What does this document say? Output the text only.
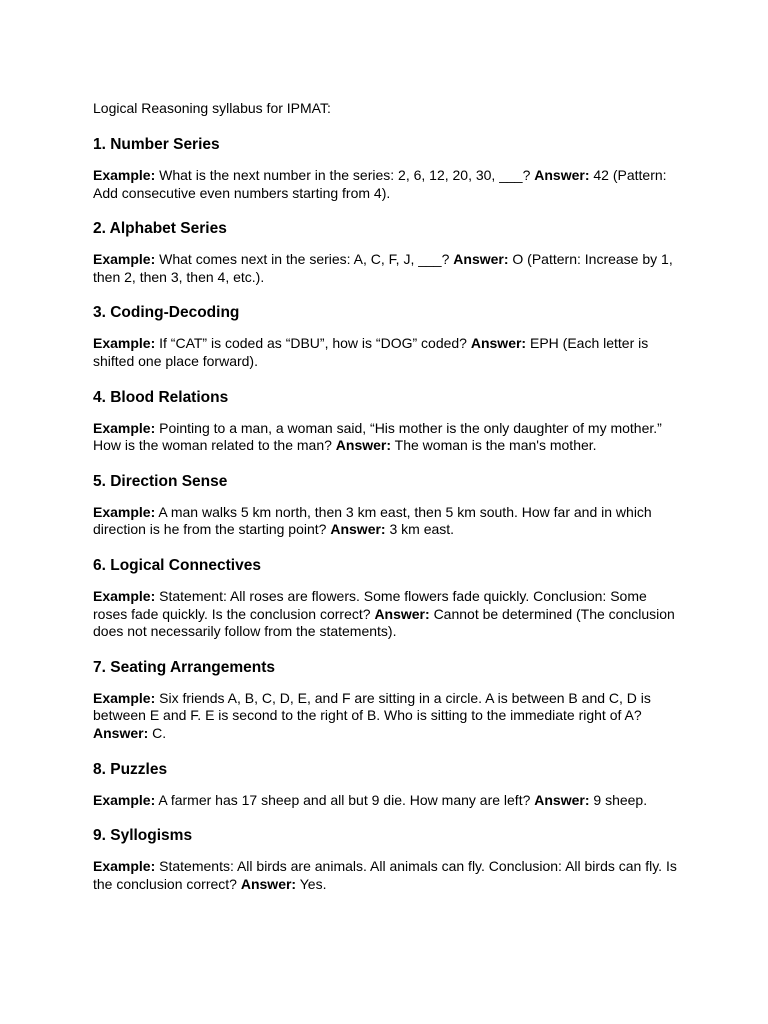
Logical Reasoning syllabus for IPMAT:

1. Number Series

Example: What is the next number in the series: 2, 6, 12, 20, 30, ___? Answer: 42 (Pattern: Add consecutive even numbers starting from 4).

2. Alphabet Series

Example: What comes next in the series: A, C, F, J, ___? Answer: O (Pattern: Increase by 1, then 2, then 3, then 4, etc.).

3. Coding-Decoding

Example: If “CAT” is coded as “DBU”, how is “DOG” coded? Answer: EPH (Each letter is shifted one place forward).

4. Blood Relations

Example: Pointing to a man, a woman said, “His mother is the only daughter of my mother.” How is the woman related to the man? Answer: The woman is the man's mother.

5. Direction Sense

Example: A man walks 5 km north, then 3 km east, then 5 km south. How far and in which direction is he from the starting point? Answer: 3 km east.

6. Logical Connectives

Example: Statement: All roses are flowers. Some flowers fade quickly. Conclusion: Some roses fade quickly. Is the conclusion correct? Answer: Cannot be determined (The conclusion does not necessarily follow from the statements).

7. Seating Arrangements

Example: Six friends A, B, C, D, E, and F are sitting in a circle. A is between B and C, D is between E and F. E is second to the right of B. Who is sitting to the immediate right of A? Answer: C.

8. Puzzles

Example: A farmer has 17 sheep and all but 9 die. How many are left? Answer: 9 sheep.

9. Syllogisms

Example: Statements: All birds are animals. All animals can fly. Conclusion: All birds can fly. Is the conclusion correct? Answer: Yes.
